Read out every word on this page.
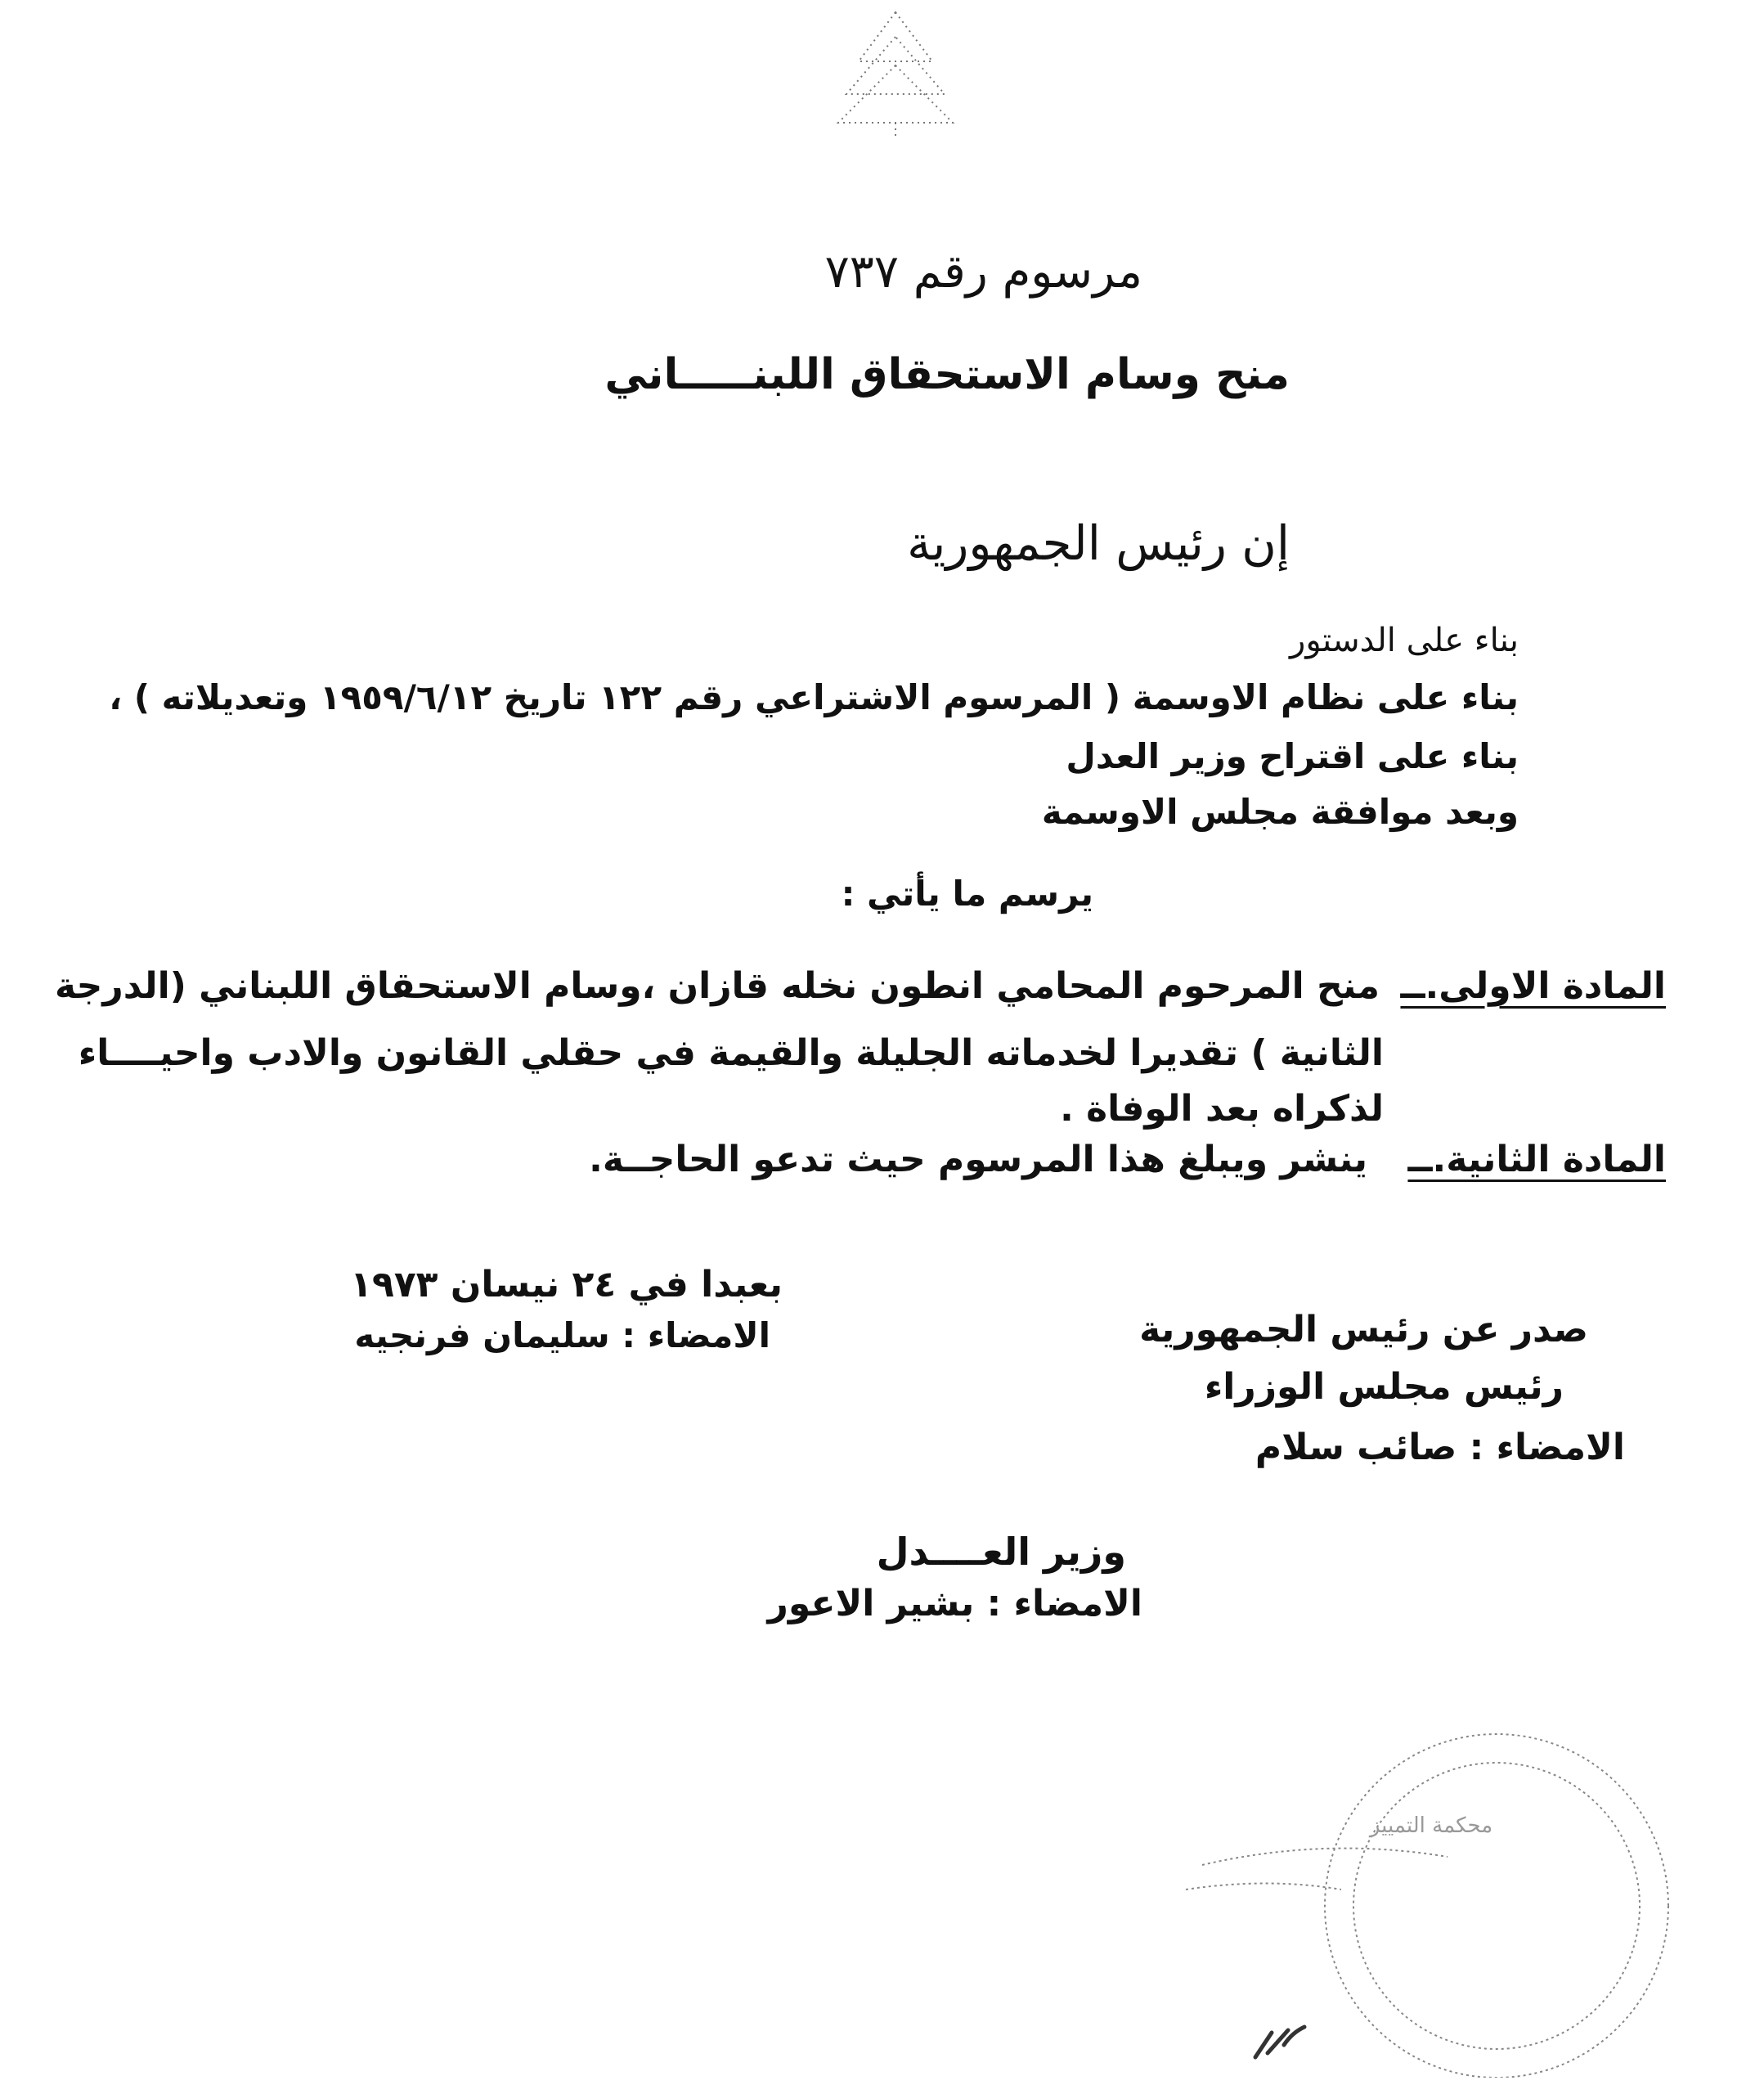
مرسوم رقم ٧٣٧
منح وسام الاستحقاق اللبنـــــاني
إن رئيس الجمهورية
بناء على الدستور
بناء على نظام الاوسمة ( المرسوم الاشتراعي رقم ١٢٢ تاريخ ١٩٥٩/٦/١٢ وتعديلاته ) ،
بناء على اقتراح وزير العدل
وبعد موافقة مجلس الاوسمة
يرسم ما يأتي :
المادة الاولى.ــ
منح المرحوم المحامي انطون نخله قازان ،وسام الاستحقاق اللبناني (الدرجة
الثانية ) تقديرا لخدماته الجليلة والقيمة في حقلي القانون والادب واحيــــاء
لذكراه بعد الوفاة .
المادة الثانية.ــ
ينشر ويبلغ هذا المرسوم حيث تدعو الحاجــة.
بعبدا في ٢٤ نيسان ١٩٧٣
الامضاء : سليمان فرنجيه	صدر عن رئيس الجمهورية
رئيس مجلس الوزراء
الامضاء : صائب سلام
وزير العــــدل
الامضاء : بشير الاعور
محكمة التمييز
